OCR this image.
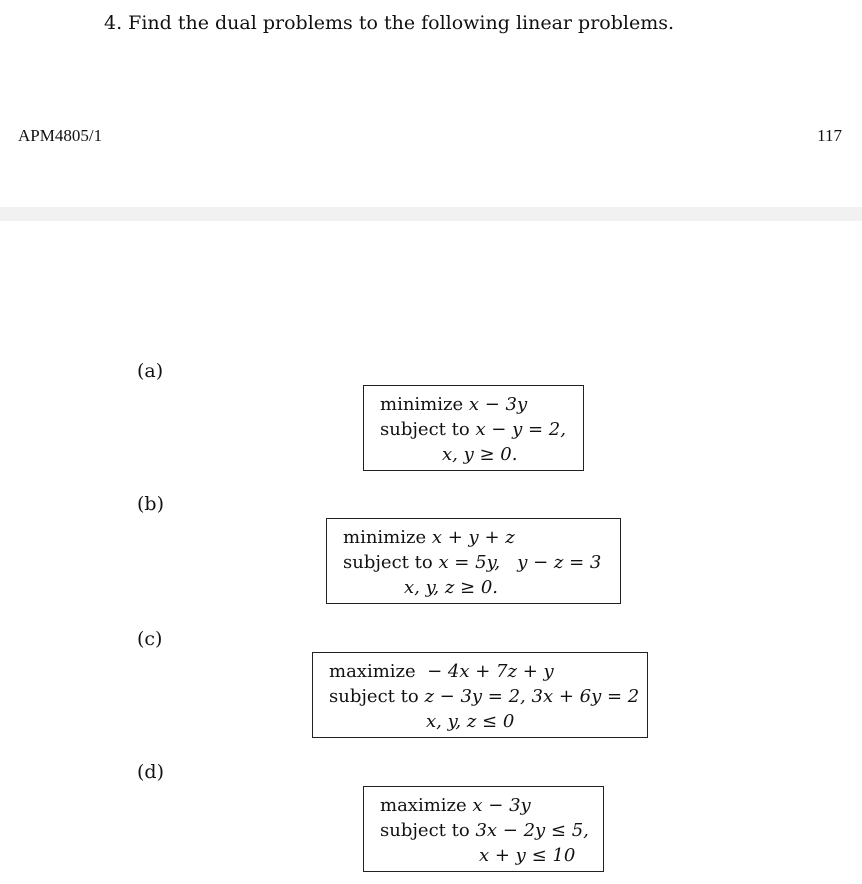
4. Find the dual problems to the following linear problems.
APM4805/1	117
(a)
minimize x − 3y
subject to x − y = 2,
x, y ≥ 0.
(b)
minimize x + y + z
subject to x = 5y,   y − z = 3
x, y, z ≥ 0.
(c)
maximize  − 4x + 7z + y
subject to z − 3y = 2, 3x + 6y = 2
x, y, z ≤ 0
(d)
maximize x − 3y
subject to 3x − 2y ≤ 5,
x + y ≤ 10
